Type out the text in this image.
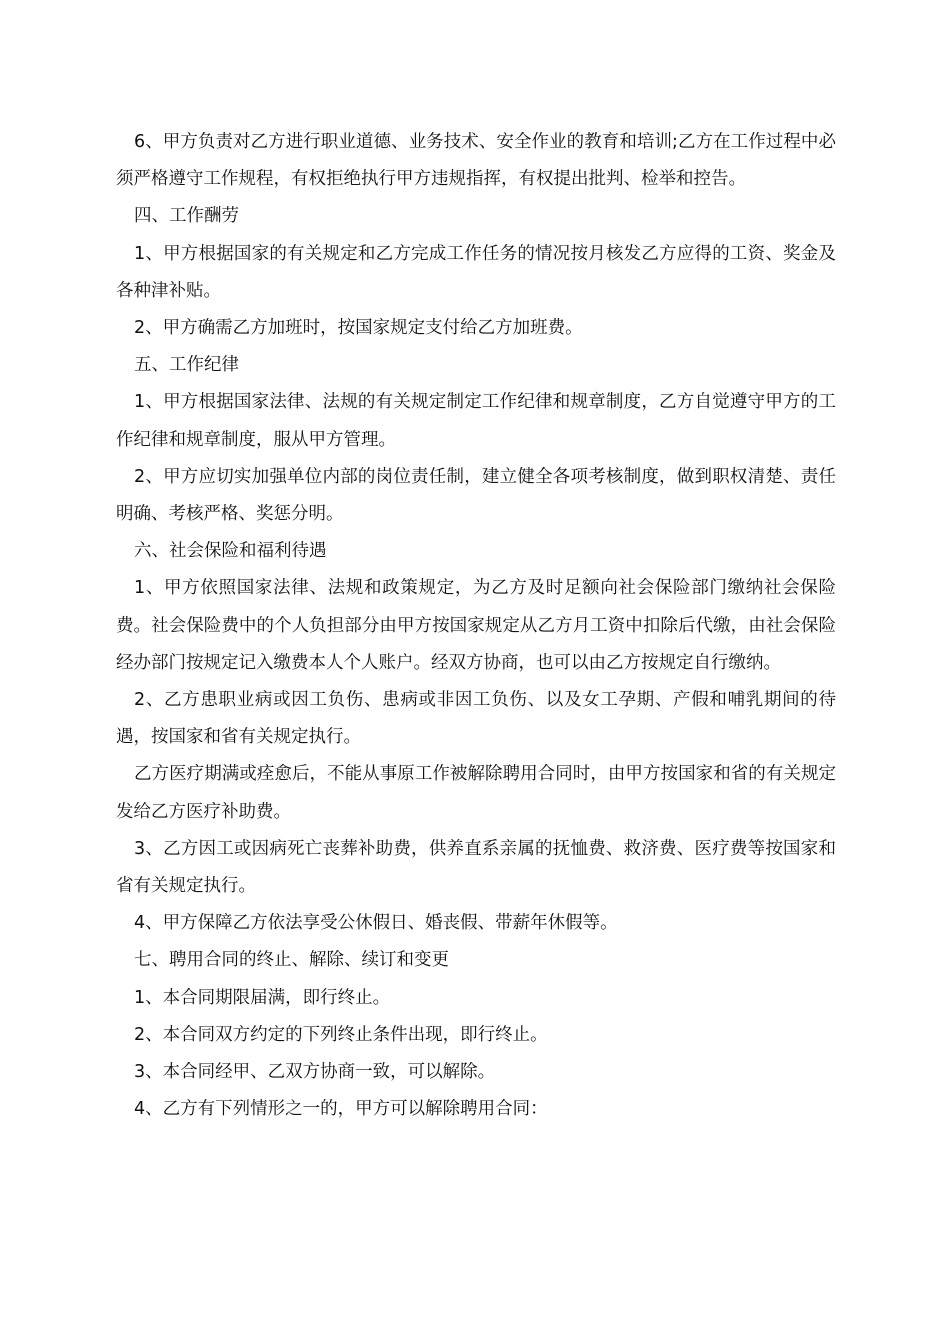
6、甲方负责对乙方进行职业道德、业务技术、安全作业的教育和培训;乙方在工作过程中必须严格遵守工作规程，有权拒绝执行甲方违规指挥，有权提出批判、检举和控告。

四、工作酬劳

1、甲方根据国家的有关规定和乙方完成工作任务的情况按月核发乙方应得的工资、奖金及各种津补贴。

2、甲方确需乙方加班时，按国家规定支付给乙方加班费。

五、工作纪律

1、甲方根据国家法律、法规的有关规定制定工作纪律和规章制度，乙方自觉遵守甲方的工作纪律和规章制度，服从甲方管理。

2、甲方应切实加强单位内部的岗位责任制，建立健全各项考核制度，做到职权清楚、责任明确、考核严格、奖惩分明。

六、社会保险和福利待遇

1、甲方依照国家法律、法规和政策规定，为乙方及时足额向社会保险部门缴纳社会保险费。社会保险费中的个人负担部分由甲方按国家规定从乙方月工资中扣除后代缴，由社会保险经办部门按规定记入缴费本人个人账户。经双方协商，也可以由乙方按规定自行缴纳。

2、乙方患职业病或因工负伤、患病或非因工负伤、以及女工孕期、产假和哺乳期间的待遇，按国家和省有关规定执行。

乙方医疗期满或痊愈后，不能从事原工作被解除聘用合同时，由甲方按国家和省的有关规定发给乙方医疗补助费。

3、乙方因工或因病死亡丧葬补助费，供养直系亲属的抚恤费、救济费、医疗费等按国家和省有关规定执行。

4、甲方保障乙方依法享受公休假日、婚丧假、带薪年休假等。

七、聘用合同的终止、解除、续订和变更

1、本合同期限届满，即行终止。

2、本合同双方约定的下列终止条件出现，即行终止。

3、本合同经甲、乙双方协商一致，可以解除。

4、乙方有下列情形之一的，甲方可以解除聘用合同：
